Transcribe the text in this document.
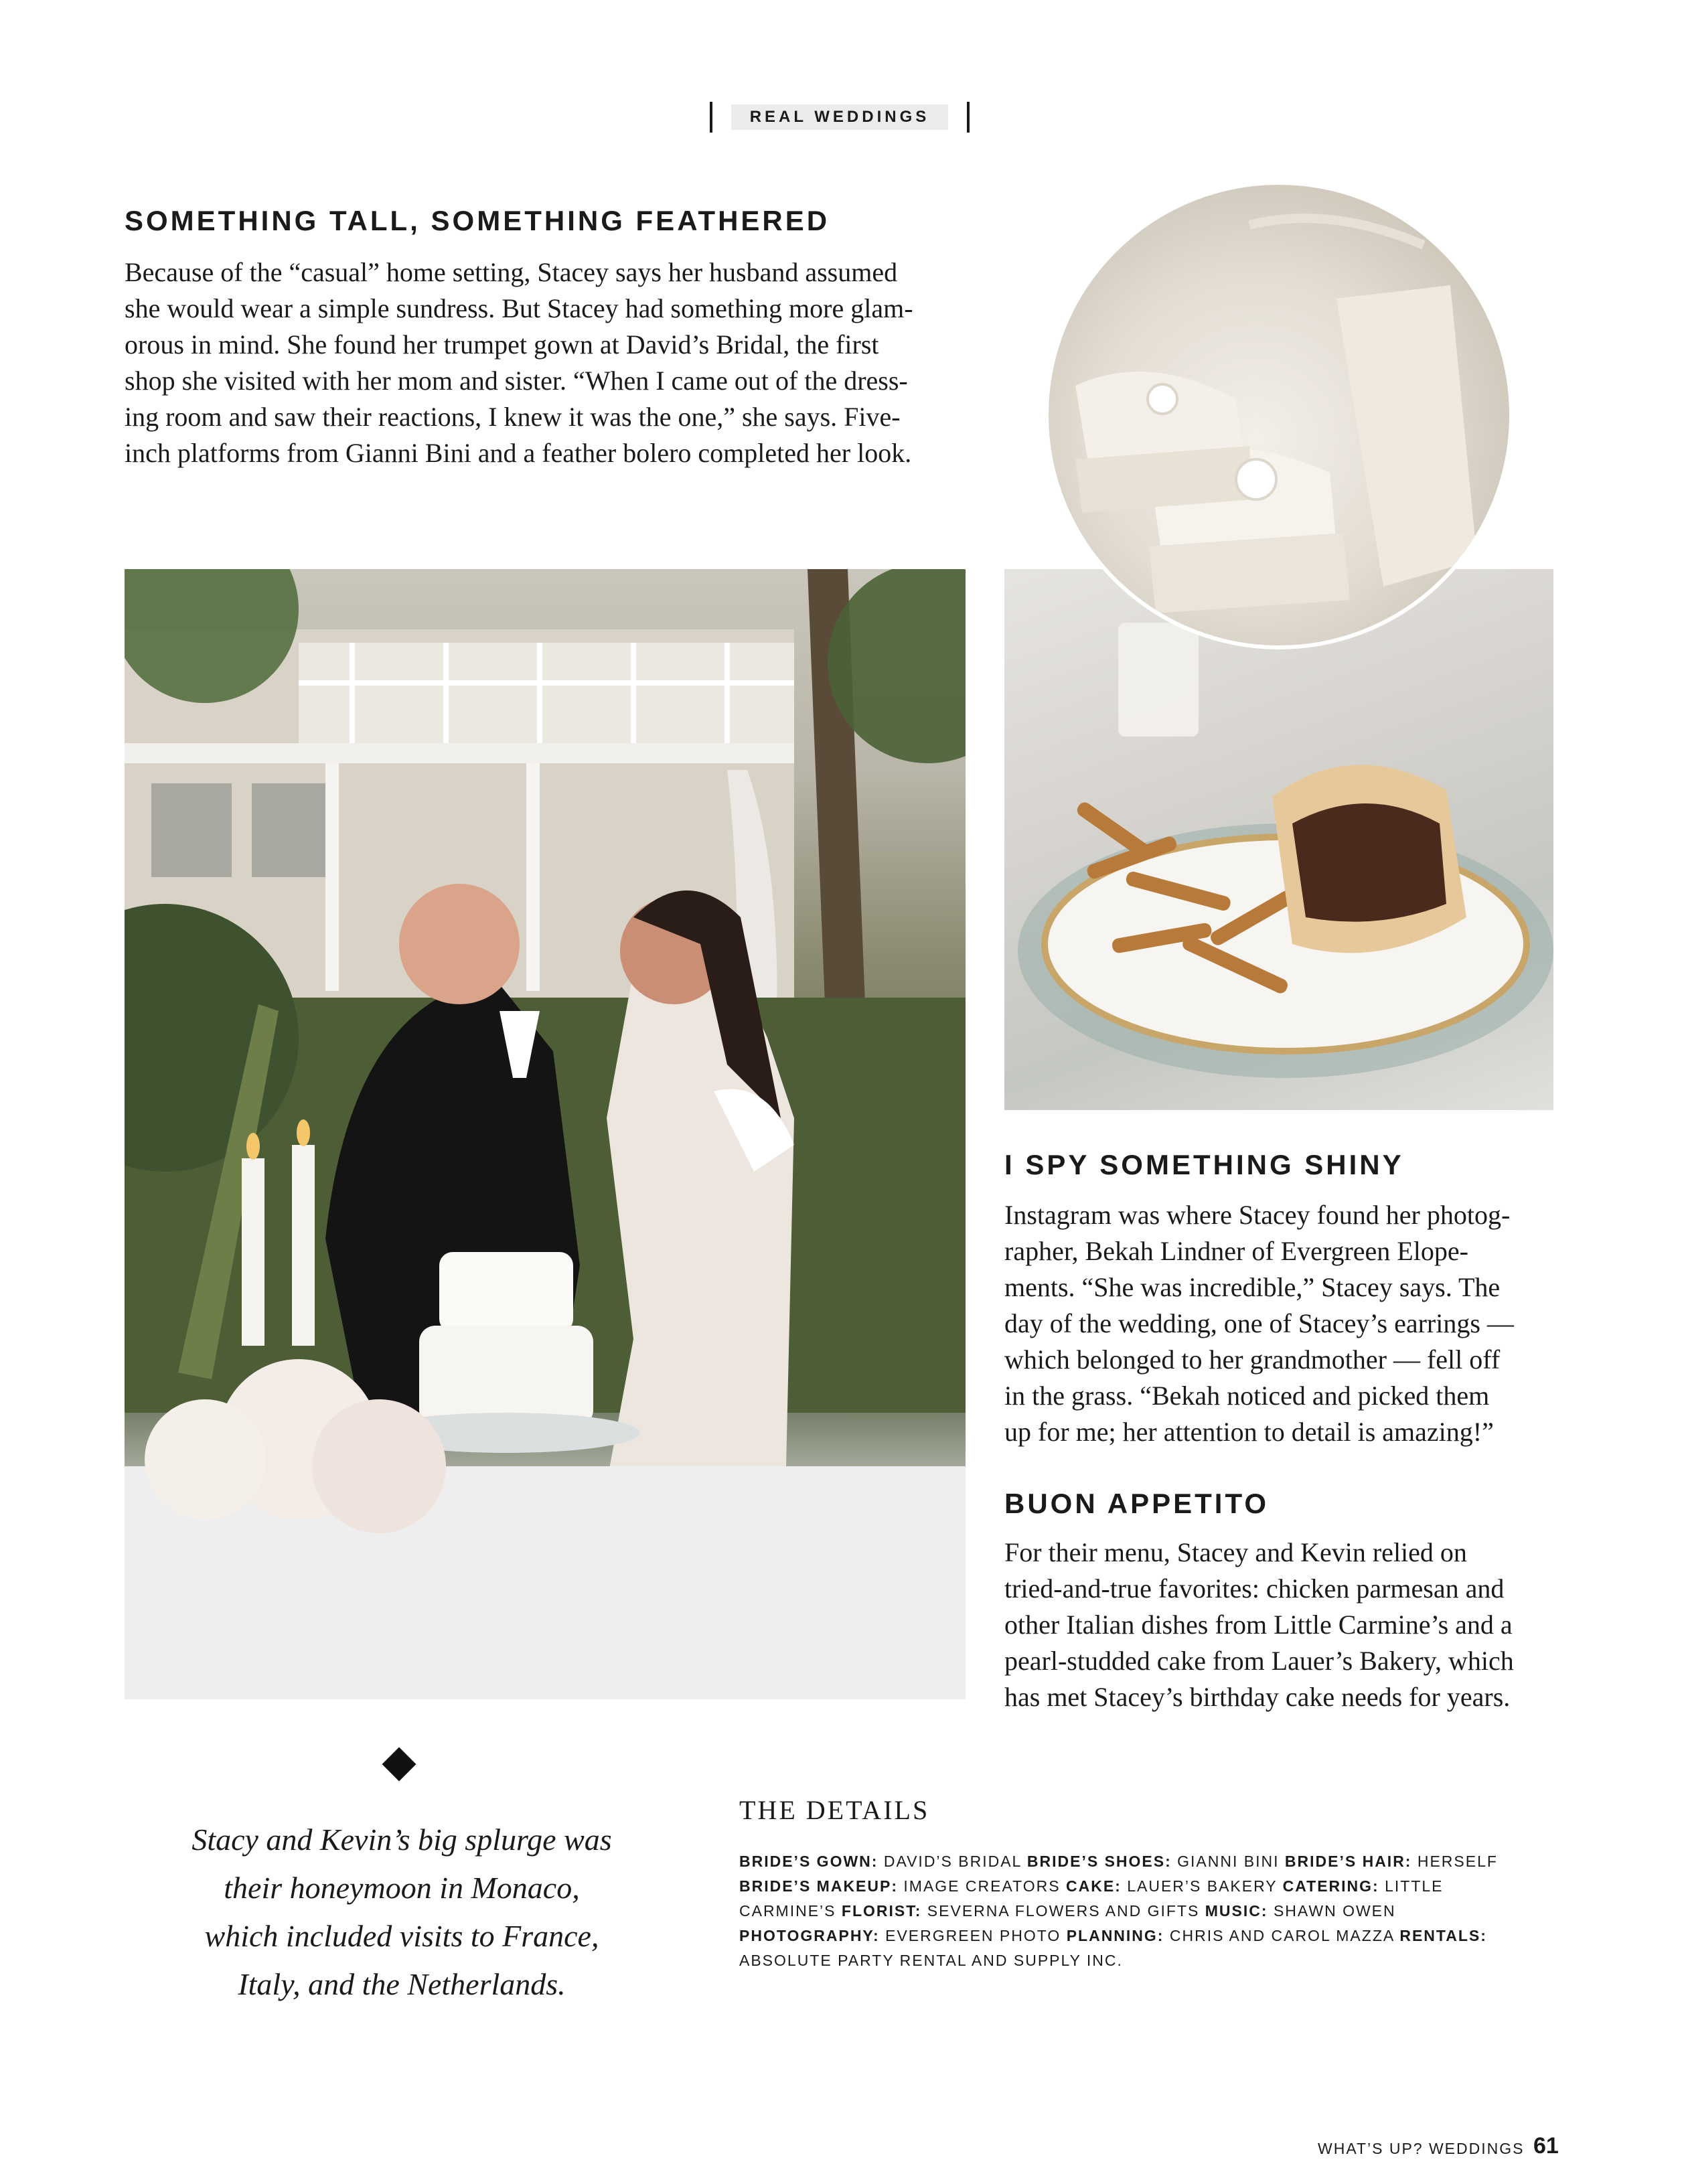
REAL WEDDINGS
SOMETHING TALL, SOMETHING FEATHERED
Because of the “casual” home setting, Stacey says her husband assumed
she would wear a simple sundress. But Stacey had something more glam-
orous in mind. She found her trumpet gown at David’s Bridal, the first
shop she visited with her mom and sister. “When I came out of the dress-
ing room and saw their reactions, I knew it was the one,” she says. Five-
inch platforms from Gianni Bini and a feather bolero completed her look.
I SPY SOMETHING SHINY
Instagram was where Stacey found her photog-
rapher, Bekah Lindner of Evergreen Elope-
ments. “She was incredible,” Stacey says. The
day of the wedding, one of Stacey’s earrings —
which belonged to her grandmother — fell off
in the grass. “Bekah noticed and picked them
up for me; her attention to detail is amazing!”
BUON APPETITO
For their menu, Stacey and Kevin relied on
tried-and-true favorites: chicken parmesan and
other Italian dishes from Little Carmine’s and a
pearl-studded cake from Lauer’s Bakery, which
has met Stacey’s birthday cake needs for years.
Stacy and Kevin’s big splurge was
their honeymoon in Monaco,
which included visits to France,
Italy, and the Netherlands.
THE DETAILS
BRIDE’S GOWN: DAVID’S BRIDAL BRIDE’S SHOES: GIANNI BINI BRIDE’S HAIR: HERSELF BRIDE’S MAKEUP: IMAGE CREATORS CAKE: LAUER’S BAKERY CATERING: LITTLE CARMINE’S FLORIST: SEVERNA FLOWERS AND GIFTS MUSIC: SHAWN OWEN PHOTOGRAPHY: EVERGREEN PHOTO PLANNING: CHRIS AND CAROL MAZZA RENTALS: ABSOLUTE PARTY RENTAL AND SUPPLY INC.
WHAT’S UP? WEDDINGS 61
